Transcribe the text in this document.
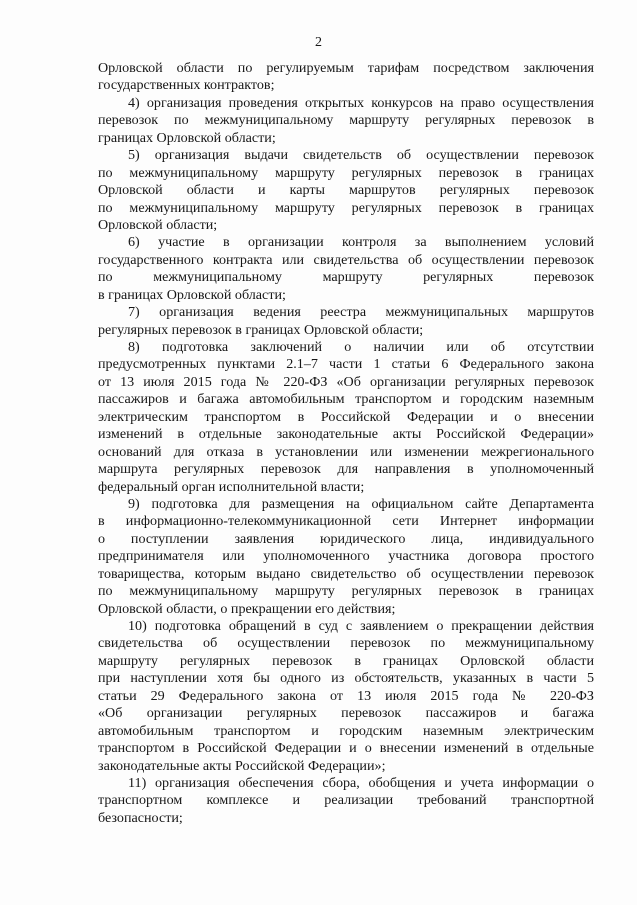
2
Орловской области по регулируемым тарифам посредством заключения
государственных контрактов;
4) организация проведения открытых конкурсов на право осуществления
перевозок по межмуниципальному маршруту регулярных перевозок в
границах Орловской области;
5) организация выдачи свидетельств об осуществлении перевозок
по межмуниципальному маршруту регулярных перевозок в границах
Орловской области и карты маршрутов регулярных перевозок
по межмуниципальному маршруту регулярных перевозок в границах
Орловской области;
6) участие в организации контроля за выполнением условий
государственного контракта или свидетельства об осуществлении перевозок
по межмуниципальному маршруту регулярных перевозок
в границах Орловской области;
7) организация ведения реестра межмуниципальных маршрутов
регулярных перевозок в границах Орловской области;
8) подготовка заключений о наличии или об отсутствии
предусмотренных пунктами 2.1–7 части 1 статьи 6 Федерального закона
от 13 июля 2015 года № 220-ФЗ «Об организации регулярных перевозок
пассажиров и багажа автомобильным транспортом и городским наземным
электрическим транспортом в Российской Федерации и о внесении
изменений в отдельные законодательные акты Российской Федерации»
оснований для отказа в установлении или изменении межрегионального
маршрута регулярных перевозок для направления в уполномоченный
федеральный орган исполнительной власти;
9) подготовка для размещения на официальном сайте Департамента
в информационно-телекоммуникационной сети Интернет информации
о поступлении заявления юридического лица, индивидуального
предпринимателя или уполномоченного участника договора простого
товарищества, которым выдано свидетельство об осуществлении перевозок
по межмуниципальному маршруту регулярных перевозок в границах
Орловской области, о прекращении его действия;
10) подготовка обращений в суд с заявлением о прекращении действия
свидетельства об осуществлении перевозок по межмуниципальному
маршруту регулярных перевозок в границах Орловской области
при наступлении хотя бы одного из обстоятельств, указанных в части 5
статьи 29 Федерального закона от 13 июля 2015 года № 220-ФЗ
«Об организации регулярных перевозок пассажиров и багажа
автомобильным транспортом и городским наземным электрическим
транспортом в Российской Федерации и о внесении изменений в отдельные
законодательные акты Российской Федерации»;
11) организация обеспечения сбора, обобщения и учета информации о
транспортном комплексе и реализации требований транспортной
безопасности;
